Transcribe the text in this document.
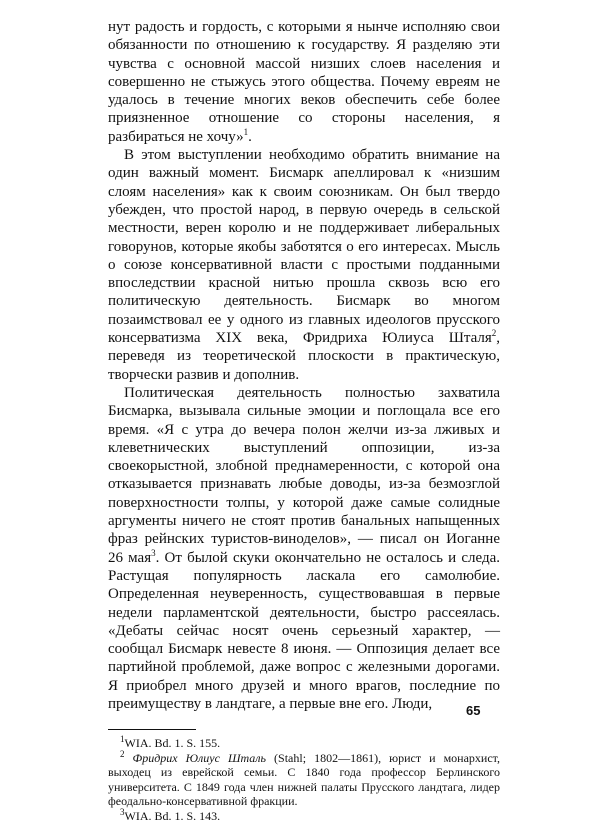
нут радость и гордость, с которыми я нынче исполняю свои обязанности по отношению к государству. Я разделяю эти чувства с основной массой низших слоев населения и совершенно не стыжусь этого общества. Почему евреям не удалось в течение многих веков обеспечить себе более приязненное отношение со стороны населения, я разбираться не хочу»$^1$.

В этом выступлении необходимо обратить внимание на один важный момент. Бисмарк апеллировал к «низшим слоям населения» как к своим союзникам. Он был твердо убежден, что простой народ, в первую очередь в сельской местности, верен королю и не поддерживает либеральных говорунов, которые якобы заботятся о его интересах. Мысль о союзе консервативной власти с простыми подданными впоследствии красной нитью прошла сквозь всю его политическую деятельность. Бисмарк во многом позаимствовал ее у одного из главных идеологов прусского консерватизма XIX века, Фридриха Юлиуса Шталя$^2$, переведя из теоретической плоскости в практическую, творчески развив и дополнив.

Политическая деятельность полностью захватила Бисмарка, вызывала сильные эмоции и поглощала все его время. «Я с утра до вечера полон желчи из-за лживых и клеветнических выступлений оппозиции, из-за своекорыстной, злобной преднамеренности, с которой она отказывается признавать любые доводы, из-за безмозглой поверхностности толпы, у которой даже самые солидные аргументы ничего не стоят против банальных напыщенных фраз рейнских туристов-виноделов», — писал он Иоганне 26 мая$^3$. От былой скуки окончательно не осталось и следа. Растущая популярность ласкала его самолюбие. Определенная неуверенность, существовавшая в первые недели парламентской деятельности, быстро рассеялась. «Дебаты сейчас носят очень серьезный характер, — сообщал Бисмарк невесте 8 июня. — Оппозиция делает все партийной проблемой, даже вопрос с железными дорогами. Я приобрел много друзей и много врагов, последние по преимуществу в ландтаге, а первые вне его. Люди,

$^1$WIA. Bd. 1. S. 155.

$^2$ Фридрих Юлиус Шталь (Stahl; 1802—1861), юрист и монархист, выходец из еврейской семьи. С 1840 года профессор Берлинского университета. С 1849 года член нижней палаты Прусского ландтага, лидер феодально-консервативной фракции.

$^3$WIA. Bd. 1. S. 143.

65
